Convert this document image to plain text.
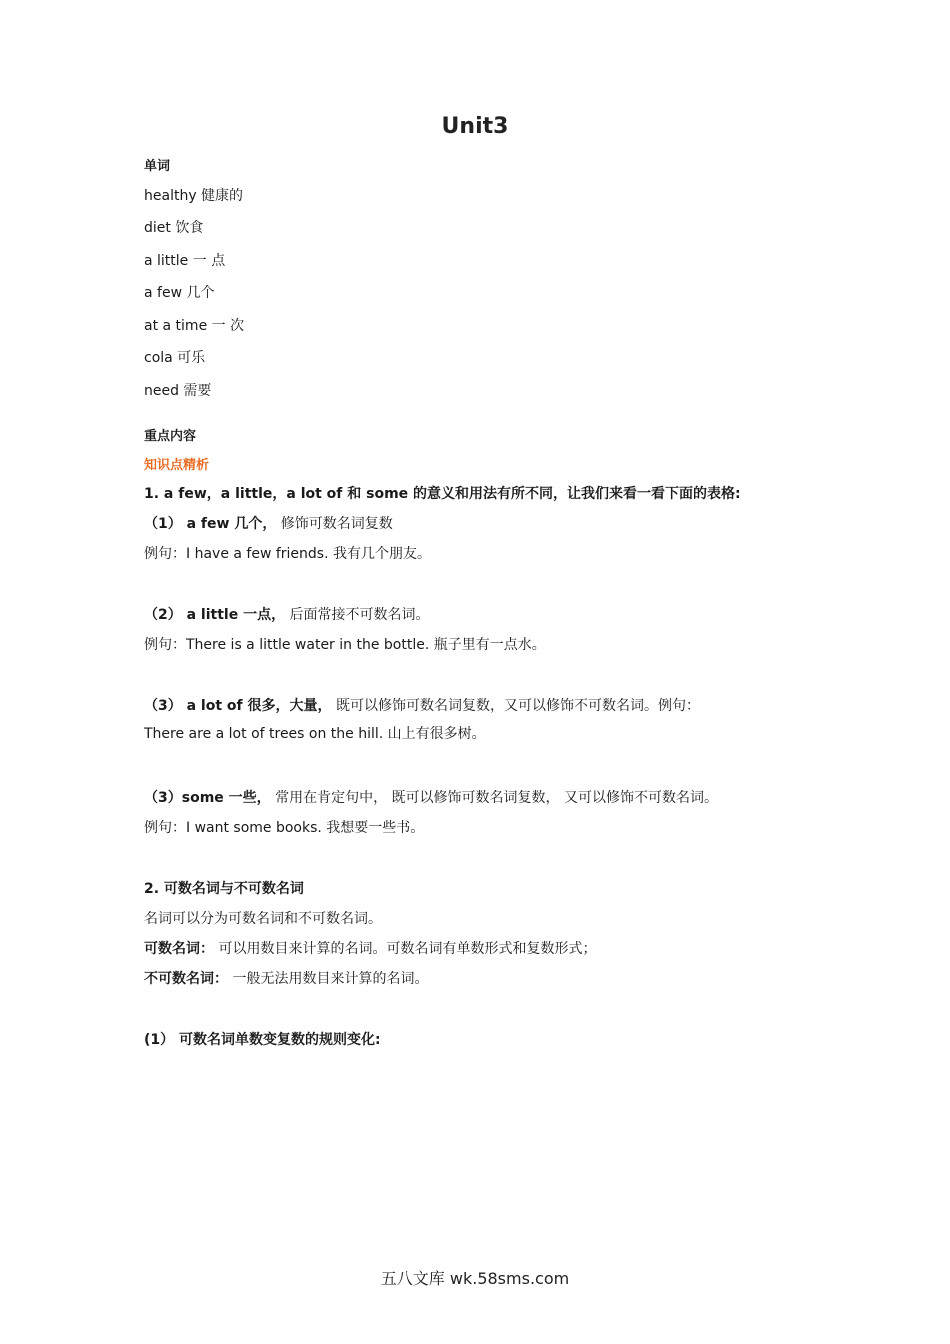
Unit3
单词
healthy 健康的
diet 饮食
a little 一 点
a few 几个
at a time 一 次
cola 可乐
need 需要
重点内容
知识点精析
1. a few，a little，a lot of 和 some 的意义和用法有所不同，让我们来看一看下面的表格:
（1） a few 几个， 修饰可数名词复数
例句：I have a few friends. 我有几个朋友。
（2） a little 一点， 后面常接不可数名词。
例句：There is a little water in the bottle. 瓶子里有一点水。
（3） a lot of 很多，大量， 既可以修饰可数名词复数，又可以修饰不可数名词。例句：
There are a lot of trees on the hill. 山上有很多树。
（3）some 一些， 常用在肯定句中， 既可以修饰可数名词复数， 又可以修饰不可数名词。
例句：I want some books. 我想要一些书。
2. 可数名词与不可数名词
名词可以分为可数名词和不可数名词。
可数名词： 可以用数目来计算的名词。可数名词有单数形式和复数形式；
不可数名词： 一般无法用数目来计算的名词。
(1） 可数名词单数变复数的规则变化:
五八文库 wk.58sms.com
